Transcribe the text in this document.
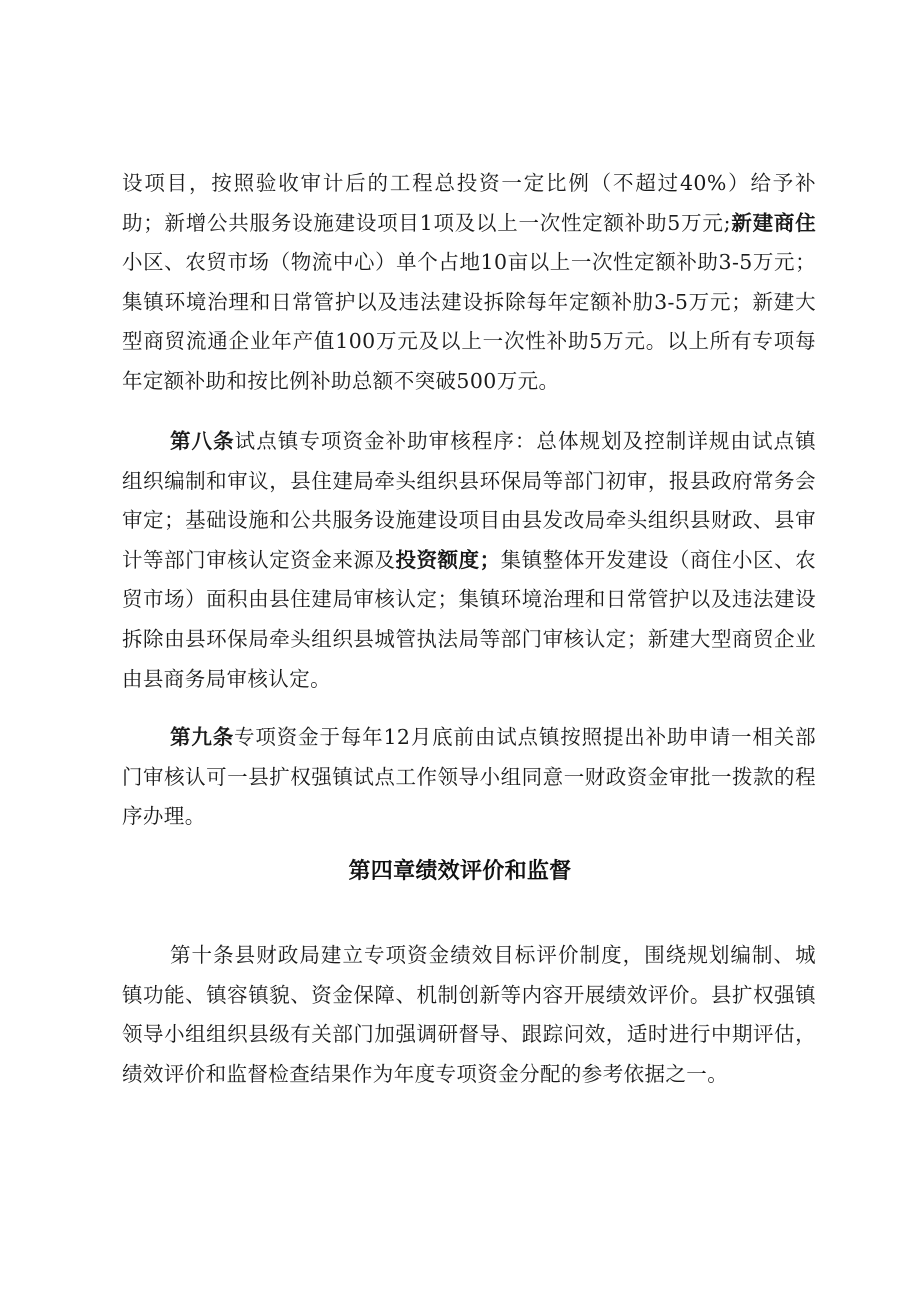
设项目，按照验收审计后的工程总投资一定比例（不超过40%）给予补助；新增公共服务设施建设项目1项及以上一次性定额补助5万元;新建商住小区、农贸市场（物流中心）单个占地10亩以上一次性定额补助3-5万元；集镇环境治理和日常管护以及违法建设拆除每年定额补肋3-5万元；新建大型商贸流通企业年产值100万元及以上一次性补助5万元。以上所有专项每年定额补助和按比例补助总额不突破500万元。

第八条试点镇专项资金补助审核程序：总体规划及控制详规由试点镇组织编制和审议，县住建局牵头组织县环保局等部门初审，报县政府常务会审定；基础设施和公共服务设施建设项目由县发改局牵头组织县财政、县审计等部门审核认定资金来源及投资额度；集镇整体开发建设（商住小区、农贸市场）面积由县住建局审核认定；集镇环境治理和日常管护以及违法建设拆除由县环保局牵头组织县城管执法局等部门审核认定；新建大型商贸企业由县商务局审核认定。

第九条专项资金于每年12月底前由试点镇按照提出补助申请一相关部门审核认可一县扩权强镇试点工作领导小组同意一财政资金审批一拨款的程序办理。

第四章绩效评价和监督

第十条县财政局建立专项资金绩效目标评价制度，围绕规划编制、城镇功能、镇容镇貌、资金保障、机制创新等内容开展绩效评价。县扩权强镇领导小组组织县级有关部门加强调研督导、跟踪问效，适时进行中期评估，绩效评价和监督检查结果作为年度专项资金分配的参考依据之一。
